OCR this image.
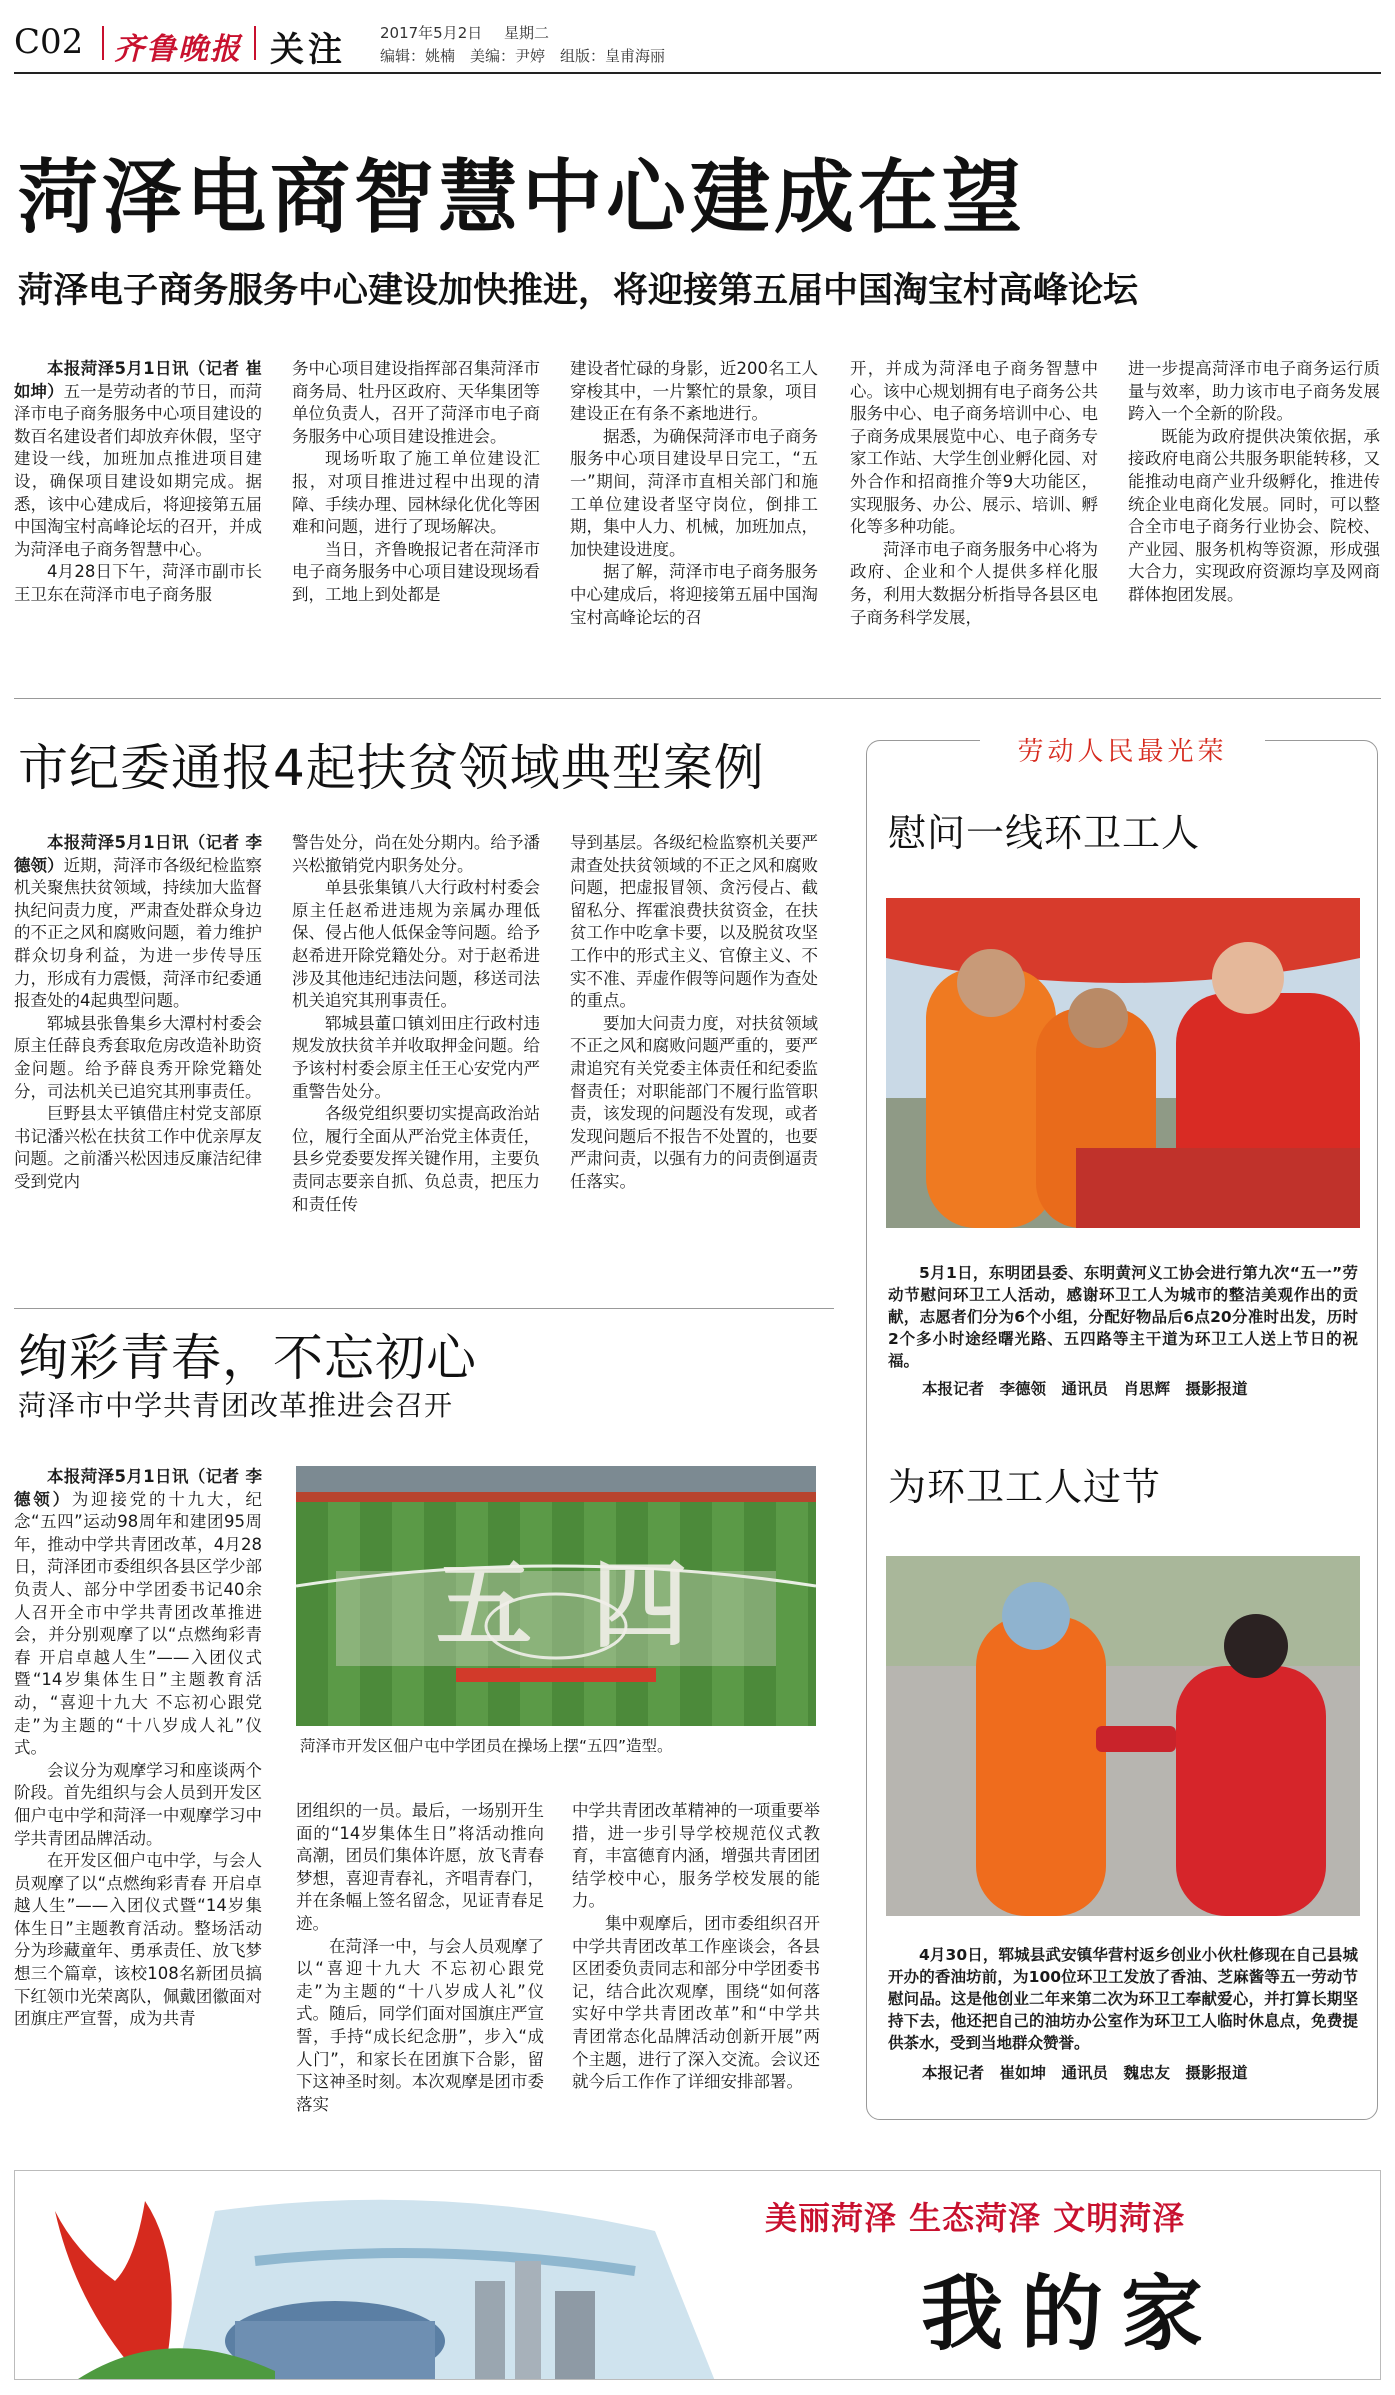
C02 齐鲁晚报 关注 2017年5月2日 星期二
编辑：姚楠　美编：尹婷　组版：皇甫海丽
菏泽电商智慧中心建成在望
菏泽电子商务服务中心建设加快推进，将迎接第五届中国淘宝村高峰论坛

本报菏泽5月1日讯（记者 崔如坤）五一是劳动者的节日，而菏泽市电子商务服务中心项目建设的数百名建设者们却放弃休假，坚守建设一线，加班加点推进项目建设，确保项目建设如期完成。据悉，该中心建成后，将迎接第五届中国淘宝村高峰论坛的召开，并成为菏泽电子商务智慧中心。

4月28日下午，菏泽市副市长王卫东在菏泽市电子商务服

务中心项目建设指挥部召集菏泽市商务局、牡丹区政府、天华集团等单位负责人，召开了菏泽市电子商务服务中心项目建设推进会。

现场听取了施工单位建设汇报，对项目推进过程中出现的清障、手续办理、园林绿化优化等困难和问题，进行了现场解决。

当日，齐鲁晚报记者在菏泽市电子商务服务中心项目建设现场看到，工地上到处都是

建设者忙碌的身影，近200名工人穿梭其中，一片繁忙的景象，项目建设正在有条不紊地进行。

据悉，为确保菏泽市电子商务服务中心项目建设早日完工，“五一”期间，菏泽市直相关部门和施工单位建设者坚守岗位，倒排工期，集中人力、机械，加班加点，加快建设进度。

据了解，菏泽市电子商务服务中心建成后，将迎接第五届中国淘宝村高峰论坛的召

开，并成为菏泽电子商务智慧中心。该中心规划拥有电子商务公共服务中心、电子商务培训中心、电子商务成果展览中心、电子商务专家工作站、大学生创业孵化园、对外合作和招商推介等9大功能区，实现服务、办公、展示、培训、孵化等多种功能。

菏泽市电子商务服务中心将为政府、企业和个人提供多样化服务，利用大数据分析指导各县区电子商务科学发展，

进一步提高菏泽市电子商务运行质量与效率，助力该市电子商务发展跨入一个全新的阶段。

既能为政府提供决策依据，承接政府电商公共服务职能转移，又能推动电商产业升级孵化，推进传统企业电商化发展。同时，可以整合全市电子商务行业协会、院校、产业园、服务机构等资源，形成强大合力，实现政府资源均享及网商群体抱团发展。

市纪委通报4起扶贫领域典型案例

本报菏泽5月1日讯（记者 李德领）近期，菏泽市各级纪检监察机关聚焦扶贫领域，持续加大监督执纪问责力度，严肃查处群众身边的不正之风和腐败问题，着力维护群众切身利益，为进一步传导压力，形成有力震慑，菏泽市纪委通报查处的4起典型问题。

郓城县张鲁集乡大潭村村委会原主任薛良秀套取危房改造补助资金问题。给予薛良秀开除党籍处分，司法机关已追究其刑事责任。

巨野县太平镇借庄村党支部原书记潘兴松在扶贫工作中优亲厚友问题。之前潘兴松因违反廉洁纪律受到党内

警告处分，尚在处分期内。给予潘兴松撤销党内职务处分。

单县张集镇八大行政村村委会原主任赵希进违规为亲属办理低保、侵占他人低保金等问题。给予赵希进开除党籍处分。对于赵希进涉及其他违纪违法问题，移送司法机关追究其刑事责任。

郓城县董口镇刘田庄行政村违规发放扶贫羊并收取押金问题。给予该村村委会原主任王心安党内严重警告处分。

各级党组织要切实提高政治站位，履行全面从严治党主体责任，县乡党委要发挥关键作用，主要负责同志要亲自抓、负总责，把压力和责任传

导到基层。各级纪检监察机关要严肃查处扶贫领域的不正之风和腐败问题，把虚报冒领、贪污侵占、截留私分、挥霍浪费扶贫资金，在扶贫工作中吃拿卡要，以及脱贫攻坚工作中的形式主义、官僚主义、不实不准、弄虚作假等问题作为查处的重点。

要加大问责力度，对扶贫领域不正之风和腐败问题严重的，要严肃追究有关党委主体责任和纪委监督责任；对职能部门不履行监管职责，该发现的问题没有发现，或者发现问题后不报告不处置的，也要严肃问责，以强有力的问责倒逼责任落实。

绚彩青春，不忘初心
菏泽市中学共青团改革推进会召开

本报菏泽5月1日讯（记者 李德领）为迎接党的十九大，纪念“五四”运动98周年和建团95周年，推动中学共青团改革，4月28日，菏泽团市委组织各县区学少部负责人、部分中学团委书记40余人召开全市中学共青团改革推进会，并分别观摩了以“点燃绚彩青春 开启卓越人生”——入团仪式暨“14岁集体生日”主题教育活动，“喜迎十九大 不忘初心跟党走”为主题的“十八岁成人礼”仪式。

会议分为观摩学习和座谈两个阶段。首先组织与会人员到开发区佃户屯中学和菏泽一中观摩学习中学共青团品牌活动。

在开发区佃户屯中学，与会人员观摩了以“点燃绚彩青春 开启卓越人生”——入团仪式暨“14岁集体生日”主题教育活动。整场活动分为珍藏童年、勇承责任、放飞梦想三个篇章，该校108名新团员搞下红领巾光荣离队，佩戴团徽面对团旗庄严宣誓，成为共青

五四
菏泽市开发区佃户屯中学团员在操场上摆“五四”造型。

团组织的一员。最后，一场别开生面的“14岁集体生日”将活动推向高潮，团员们集体许愿，放飞青春梦想，喜迎青春礼，齐唱青春门，并在条幅上签名留念，见证青春足迹。

在菏泽一中，与会人员观摩了以“喜迎十九大 不忘初心跟党走”为主题的“十八岁成人礼”仪式。随后，同学们面对国旗庄严宣誓，手持“成长纪念册”，步入“成人门”，和家长在团旗下合影，留下这神圣时刻。本次观摩是团市委落实

中学共青团改革精神的一项重要举措，进一步引导学校规范仪式教育，丰富德育内涵，增强共青团团结学校中心，服务学校发展的能力。

集中观摩后，团市委组织召开中学共青团改革工作座谈会，各县区团委负责同志和部分中学团委书记，结合此次观摩，围绕“如何落实好中学共青团改革”和“中学共青团常态化品牌活动创新开展”两个主题，进行了深入交流。会议还就今后工作作了详细安排部署。

劳动人民最光荣
慰问一线环卫工人
5月1日，东明团县委、东明黄河义工协会进行第九次“五一”劳动节慰问环卫工人活动，感谢环卫工人为城市的整洁美观作出的贡献，志愿者们分为6个小组，分配好物品后6点20分准时出发，历时2个多小时途经曙光路、五四路等主干道为环卫工人送上节日的祝福。
本报记者　李德领　通讯员　肖思辉　摄影报道
为环卫工人过节
4月30日，郓城县武安镇华营村返乡创业小伙杜修现在自己县城开办的香油坊前，为100位环卫工发放了香油、芝麻酱等五一劳动节慰问品。这是他创业二年来第二次为环卫工奉献爱心，并打算长期坚持下去，他还把自己的油坊办公室作为环卫工人临时休息点，免费提供茶水，受到当地群众赞誉。
本报记者　崔如坤　通讯员　魏忠友　摄影报道
美丽菏泽 生态菏泽 文明菏泽
我的家
